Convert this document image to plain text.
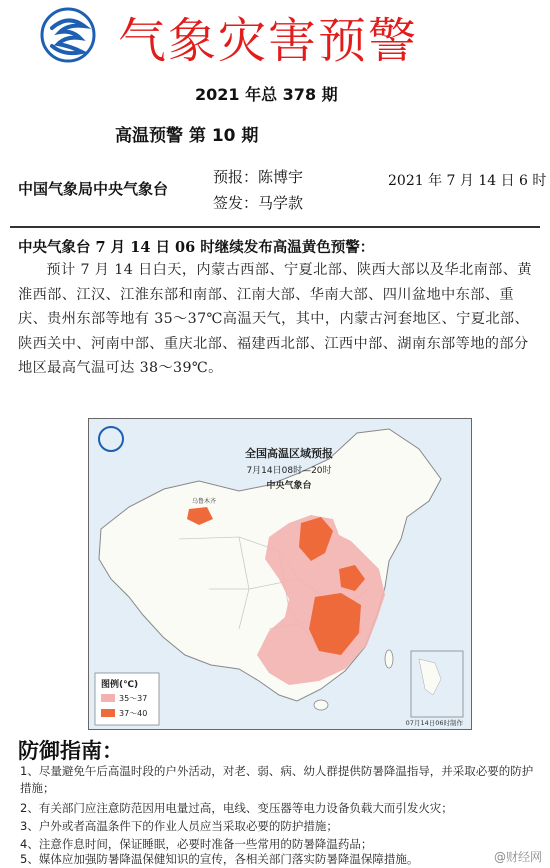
气象灾害预警
2021 年总 378 期
高温预警 第 10 期
中国气象局中央气象台
预报：陈博宇
签发：马学款
2021 年 7 月 14 日 6 时
中央气象台 7 月 14 日 06 时继续发布高温黄色预警：
预计 7 月 14 日白天，内蒙古西部、宁夏北部、陕西大部以及华北南部、黄淮西部、江汉、江淮东部和南部、江南大部、华南大部、四川盆地中东部、重庆、贵州东部等地有 35～37℃高温天气，其中，内蒙古河套地区、宁夏北部、陕西关中、河南中部、重庆北部、福建西北部、江西中部、湖南东部等地的部分地区最高气温可达 38～39℃。
全国高温区域预报
7月14日08时—20时
中央气象台
乌鲁木齐
图例(℃)
35～37
37～40
07月14日06时制作
防御指南：
1、尽量避免午后高温时段的户外活动，对老、弱、病、幼人群提供防暑降温指导，并采取必要的防护措施；
2、有关部门应注意防范因用电量过高，电线、变压器等电力设备负载大而引发火灾；
3、户外或者高温条件下的作业人员应当采取必要的防护措施；
4、注意作息时间，保证睡眠，必要时准备一些常用的防暑降温药品；
5、媒体应加强防暑降温保健知识的宣传，各相关部门落实防暑降温保障措施。	@财经网
